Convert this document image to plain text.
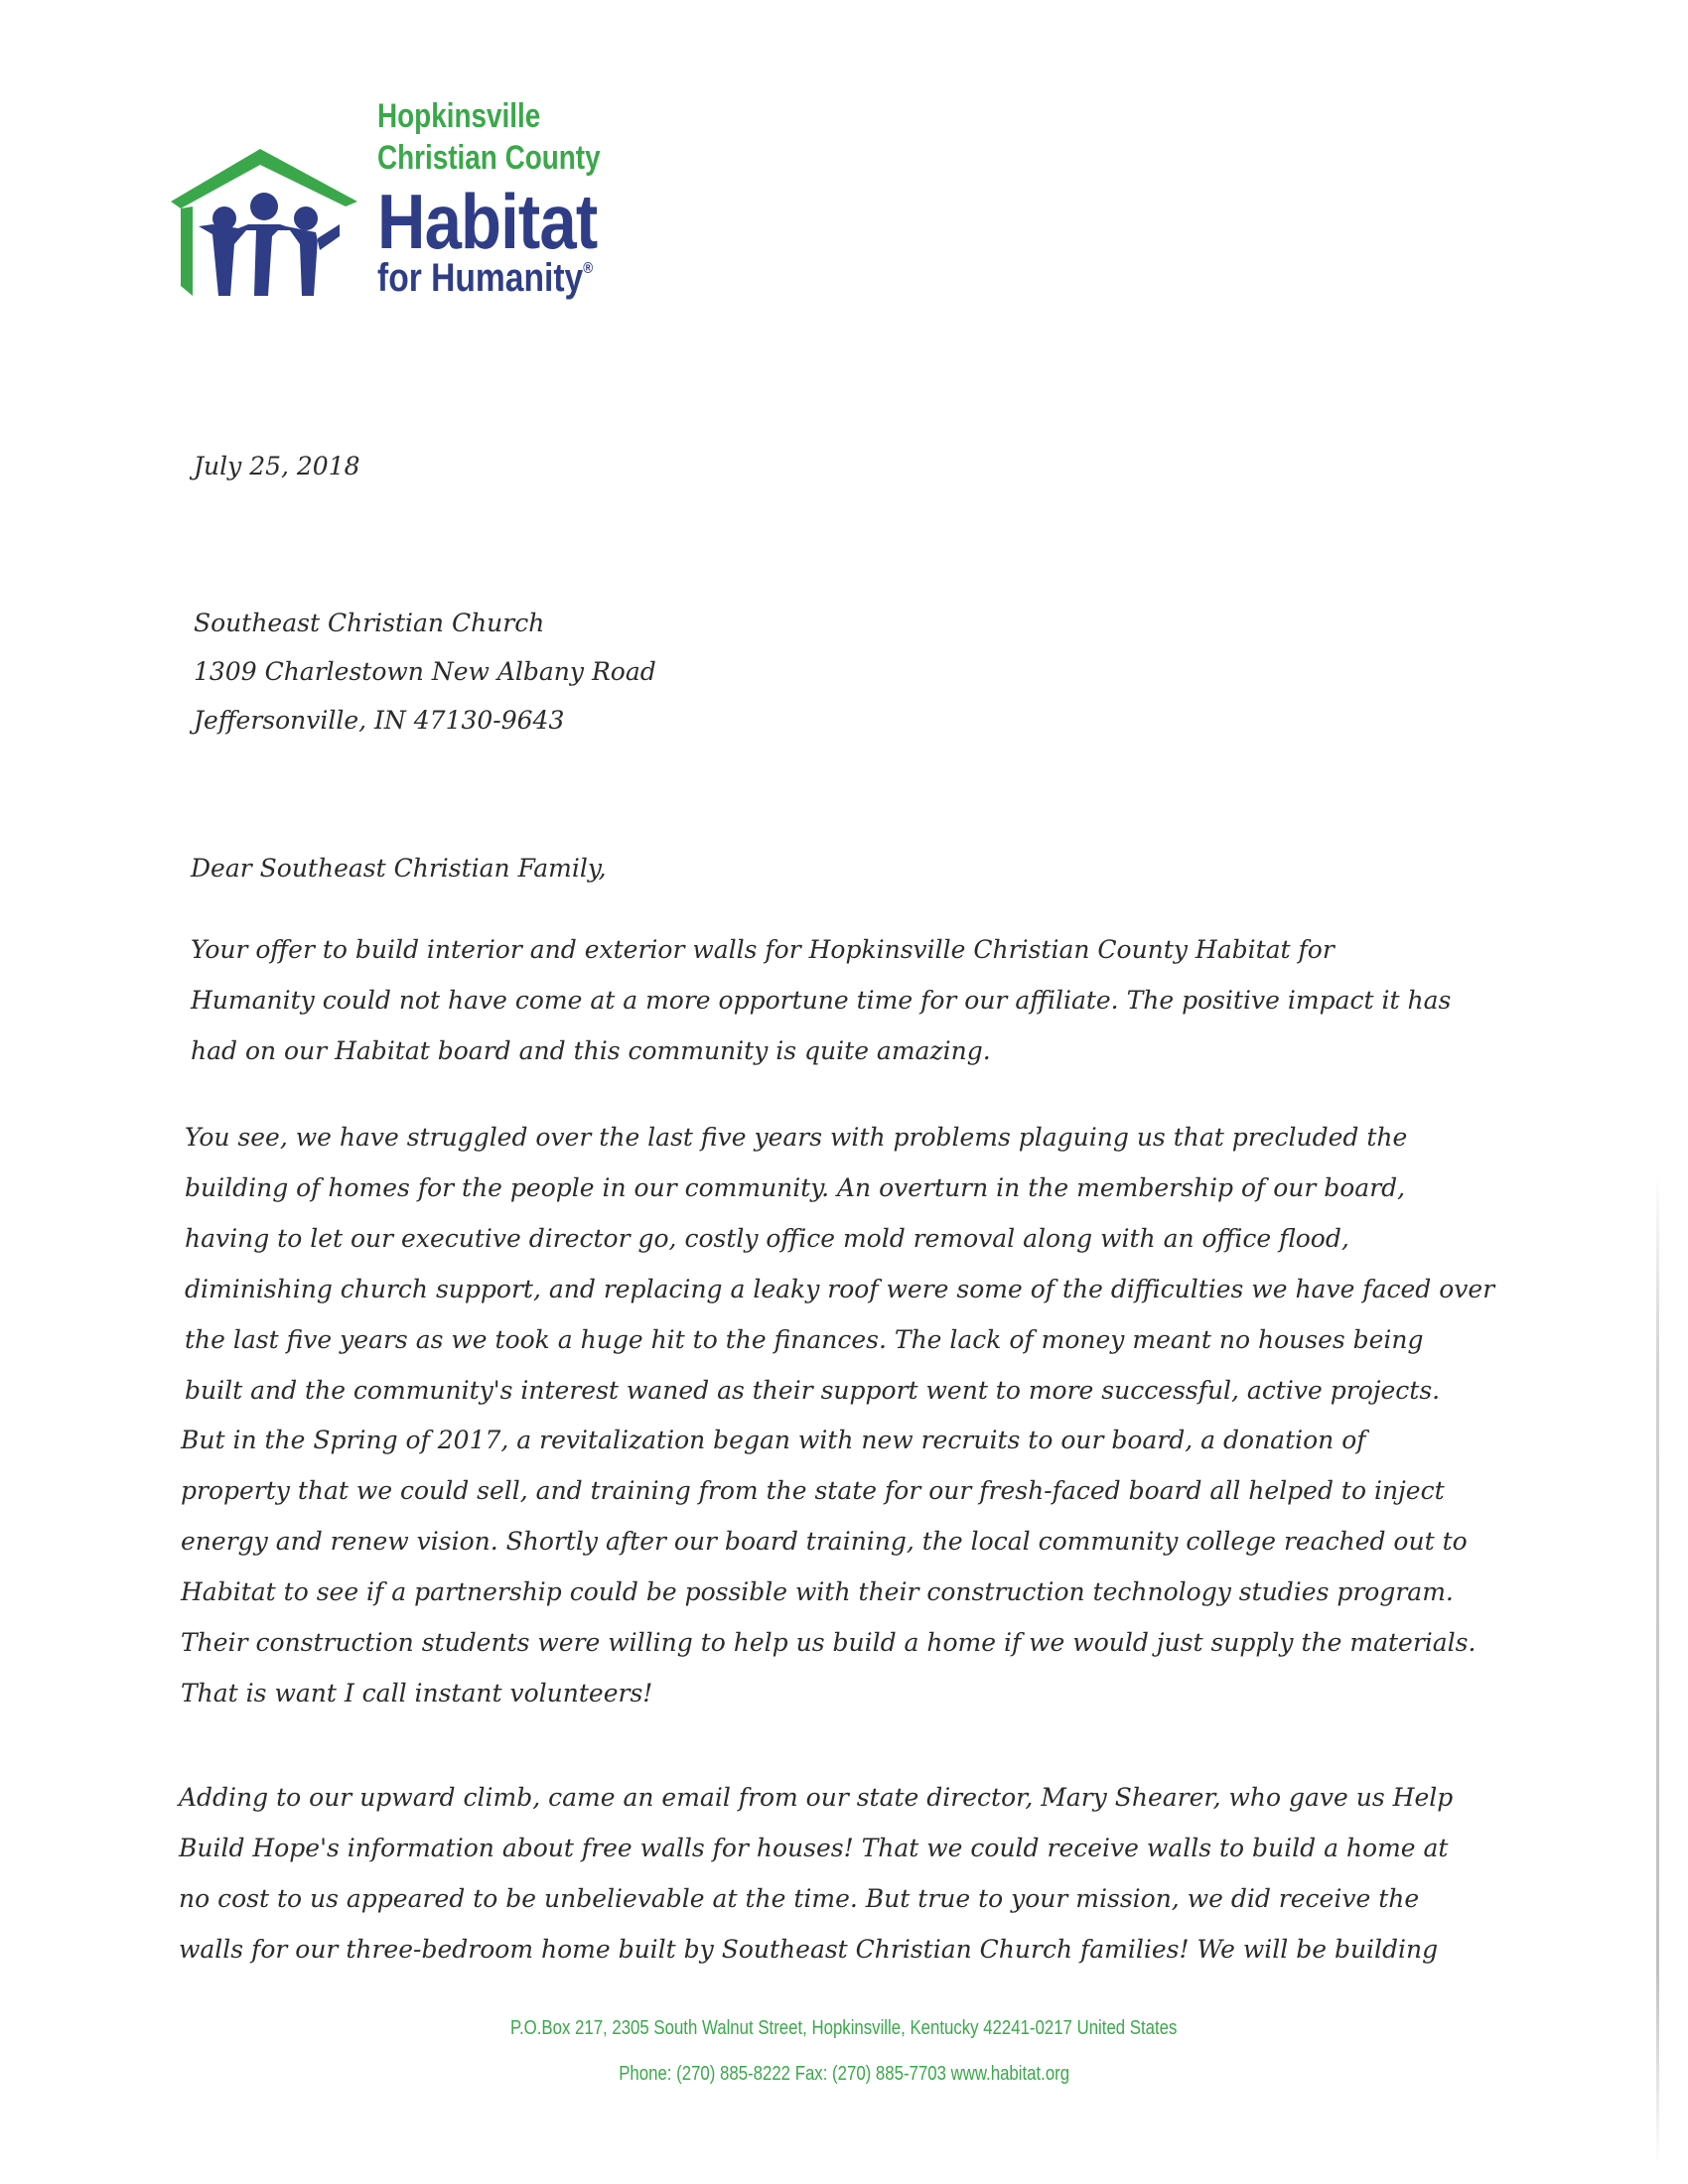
Hopkinsville
Christian County
Habitat
for Humanity®
July 25, 2018
Southeast Christian Church
1309 Charlestown New Albany Road
Jeffersonville, IN 47130-9643
Dear Southeast Christian Family,
Your offer to build interior and exterior walls for Hopkinsville Christian County Habitat for
Humanity could not have come at a more opportune time for our affiliate. The positive impact it has
had on our Habitat board and this community is quite amazing.
You see, we have struggled over the last five years with problems plaguing us that precluded the
building of homes for the people in our community. An overturn in the membership of our board,
having to let our executive director go, costly office mold removal along with an office flood,
diminishing church support, and replacing a leaky roof were some of the difficulties we have faced over
the last five years as we took a huge hit to the finances. The lack of money meant no houses being
built and the community's interest waned as their support went to more successful, active projects.
But in the Spring of 2017, a revitalization began with new recruits to our board, a donation of
property that we could sell, and training from the state for our fresh-faced board all helped to inject
energy and renew vision. Shortly after our board training, the local community college reached out to
Habitat to see if a partnership could be possible with their construction technology studies program.
Their construction students were willing to help us build a home if we would just supply the materials.
That is want I call instant volunteers!
Adding to our upward climb, came an email from our state director, Mary Shearer, who gave us Help
Build Hope's information about free walls for houses! That we could receive walls to build a home at
no cost to us appeared to be unbelievable at the time. But true to your mission, we did receive the
walls for our three-bedroom home built by Southeast Christian Church families! We will be building
P.O.Box 217, 2305 South Walnut Street, Hopkinsville, Kentucky 42241-0217 United States
Phone: (270) 885-8222 Fax: (270) 885-7703 www.habitat.org
